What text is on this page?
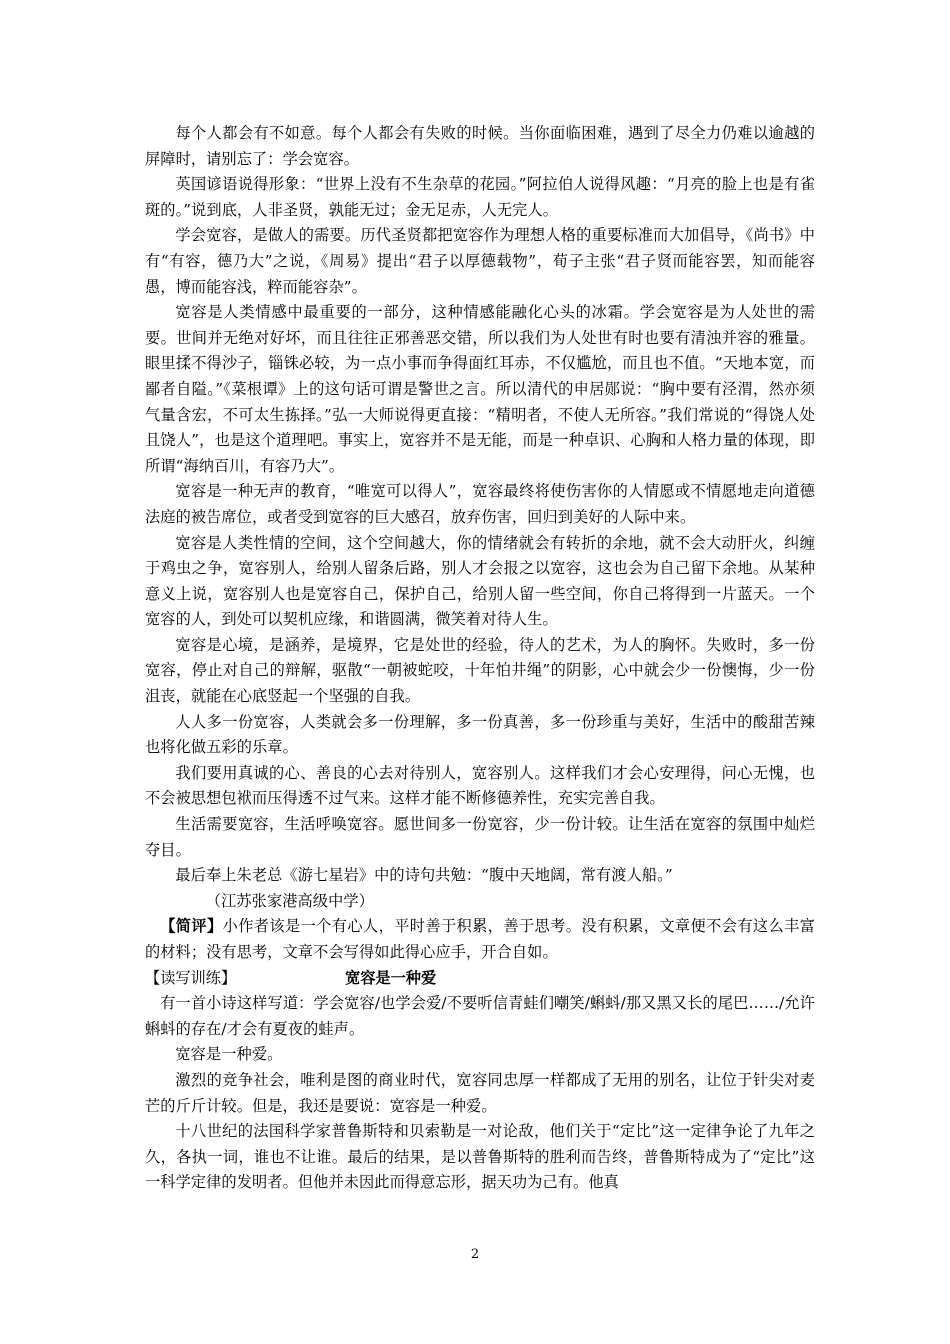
每个人都会有不如意。每个人都会有失败的时候。当你面临困难，遇到了尽全力仍难以逾越的屏障时，请别忘了：学会宽容。

英国谚语说得形象：“世界上没有不生杂草的花园。”阿拉伯人说得风趣：“月亮的脸上也是有雀斑的。”说到底，人非圣贤，孰能无过；金无足赤，人无完人。

学会宽容，是做人的需要。历代圣贤都把宽容作为理想人格的重要标准而大加倡导，《尚书》中有“有容，德乃大”之说，《周易》提出“君子以厚德载物”，荀子主张“君子贤而能容罢，知而能容愚，博而能容浅，粹而能容杂”。

宽容是人类情感中最重要的一部分，这种情感能融化心头的冰霜。学会宽容是为人处世的需要。世间并无绝对好坏，而且往往正邪善恶交错，所以我们为人处世有时也要有清浊并容的雅量。眼里揉不得沙子，锱铢必较，为一点小事而争得面红耳赤，不仅尴尬，而且也不值。“天地本宽，而鄙者自隘。”《菜根谭》上的这句话可谓是警世之言。所以清代的申居郧说：“胸中要有泾渭，然亦须气量含宏，不可太生拣择。”弘一大师说得更直接：“精明者，不使人无所容。”我们常说的“得饶人处且饶人”，也是这个道理吧。事实上，宽容并不是无能，而是一种卓识、心胸和人格力量的体现，即所谓“海纳百川，有容乃大”。

宽容是一种无声的教育，“唯宽可以得人”，宽容最终将使伤害你的人情愿或不情愿地走向道德法庭的被告席位，或者受到宽容的巨大感召，放弃伤害，回归到美好的人际中来。

宽容是人类性情的空间，这个空间越大，你的情绪就会有转折的余地，就不会大动肝火，纠缠于鸡虫之争，宽容别人，给别人留条后路，别人才会报之以宽容，这也会为自己留下余地。从某种意义上说，宽容别人也是宽容自己，保护自己，给别人留一些空间，你自己将得到一片蓝天。一个宽容的人，到处可以契机应缘，和谐圆满，微笑着对待人生。

宽容是心境，是涵养，是境界，它是处世的经验，待人的艺术，为人的胸怀。失败时，多一份宽容，停止对自己的辩解，驱散“一朝被蛇咬，十年怕井绳”的阴影，心中就会少一份懊悔，少一份沮丧，就能在心底竖起一个坚强的自我。

人人多一份宽容，人类就会多一份理解，多一份真善，多一份珍重与美好，生活中的酸甜苦辣也将化做五彩的乐章。

我们要用真诚的心、善良的心去对待别人，宽容别人。这样我们才会心安理得，问心无愧，也不会被思想包袱而压得透不过气来。这样才能不断修德养性，充实完善自我。

生活需要宽容，生活呼唤宽容。愿世间多一份宽容，少一份计较。让生活在宽容的氛围中灿烂夺目。

最后奉上朱老总《游七星岩》中的诗句共勉：“腹中天地阔，常有渡人船。”

（江苏张家港高级中学）

【简评】小作者该是一个有心人，平时善于积累，善于思考。没有积累，文章便不会有这么丰富的材料；没有思考，文章不会写得如此得心应手，开合自如。

【读写训练】	宽容是一种爱

有一首小诗这样写道：学会宽容/也学会爱/不要听信青蛙们嘲笑/蝌蚪/那又黑又长的尾巴……/允许蝌蚪的存在/才会有夏夜的蛙声。

宽容是一种爱。

激烈的竞争社会，唯利是图的商业时代，宽容同忠厚一样都成了无用的别名，让位于针尖对麦芒的斤斤计较。但是，我还是要说：宽容是一种爱。

十八世纪的法国科学家普鲁斯特和贝索勒是一对论敌，他们关于“定比”这一定律争论了九年之久，各执一词，谁也不让谁。最后的结果，是以普鲁斯特的胜利而告终，普鲁斯特成为了“定比”这一科学定律的发明者。但他并未因此而得意忘形，据天功为己有。他真

2
